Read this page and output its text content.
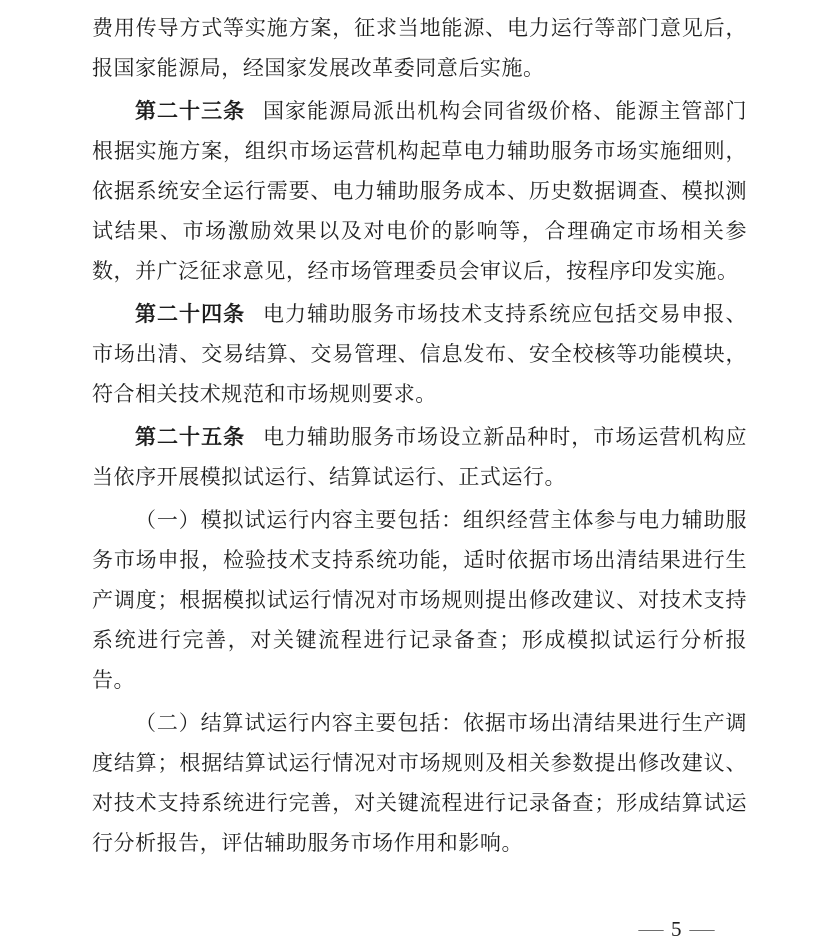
费用传导方式等实施方案，征求当地能源、电力运行等部门意见后，报国家能源局，经国家发展改革委同意后实施。

第二十三条 国家能源局派出机构会同省级价格、能源主管部门根据实施方案，组织市场运营机构起草电力辅助服务市场实施细则，依据系统安全运行需要、电力辅助服务成本、历史数据调查、模拟测试结果、市场激励效果以及对电价的影响等，合理确定市场相关参数，并广泛征求意见，经市场管理委员会审议后，按程序印发实施。

第二十四条 电力辅助服务市场技术支持系统应包括交易申报、市场出清、交易结算、交易管理、信息发布、安全校核等功能模块，符合相关技术规范和市场规则要求。

第二十五条 电力辅助服务市场设立新品种时，市场运营机构应当依序开展模拟试运行、结算试运行、正式运行。

（一）模拟试运行内容主要包括：组织经营主体参与电力辅助服务市场申报，检验技术支持系统功能，适时依据市场出清结果进行生产调度；根据模拟试运行情况对市场规则提出修改建议、对技术支持系统进行完善，对关键流程进行记录备查；形成模拟试运行分析报告。

（二）结算试运行内容主要包括：依据市场出清结果进行生产调度结算；根据结算试运行情况对市场规则及相关参数提出修改建议、对技术支持系统进行完善，对关键流程进行记录备查；形成结算试运行分析报告，评估辅助服务市场作用和影响。

— 5 —
